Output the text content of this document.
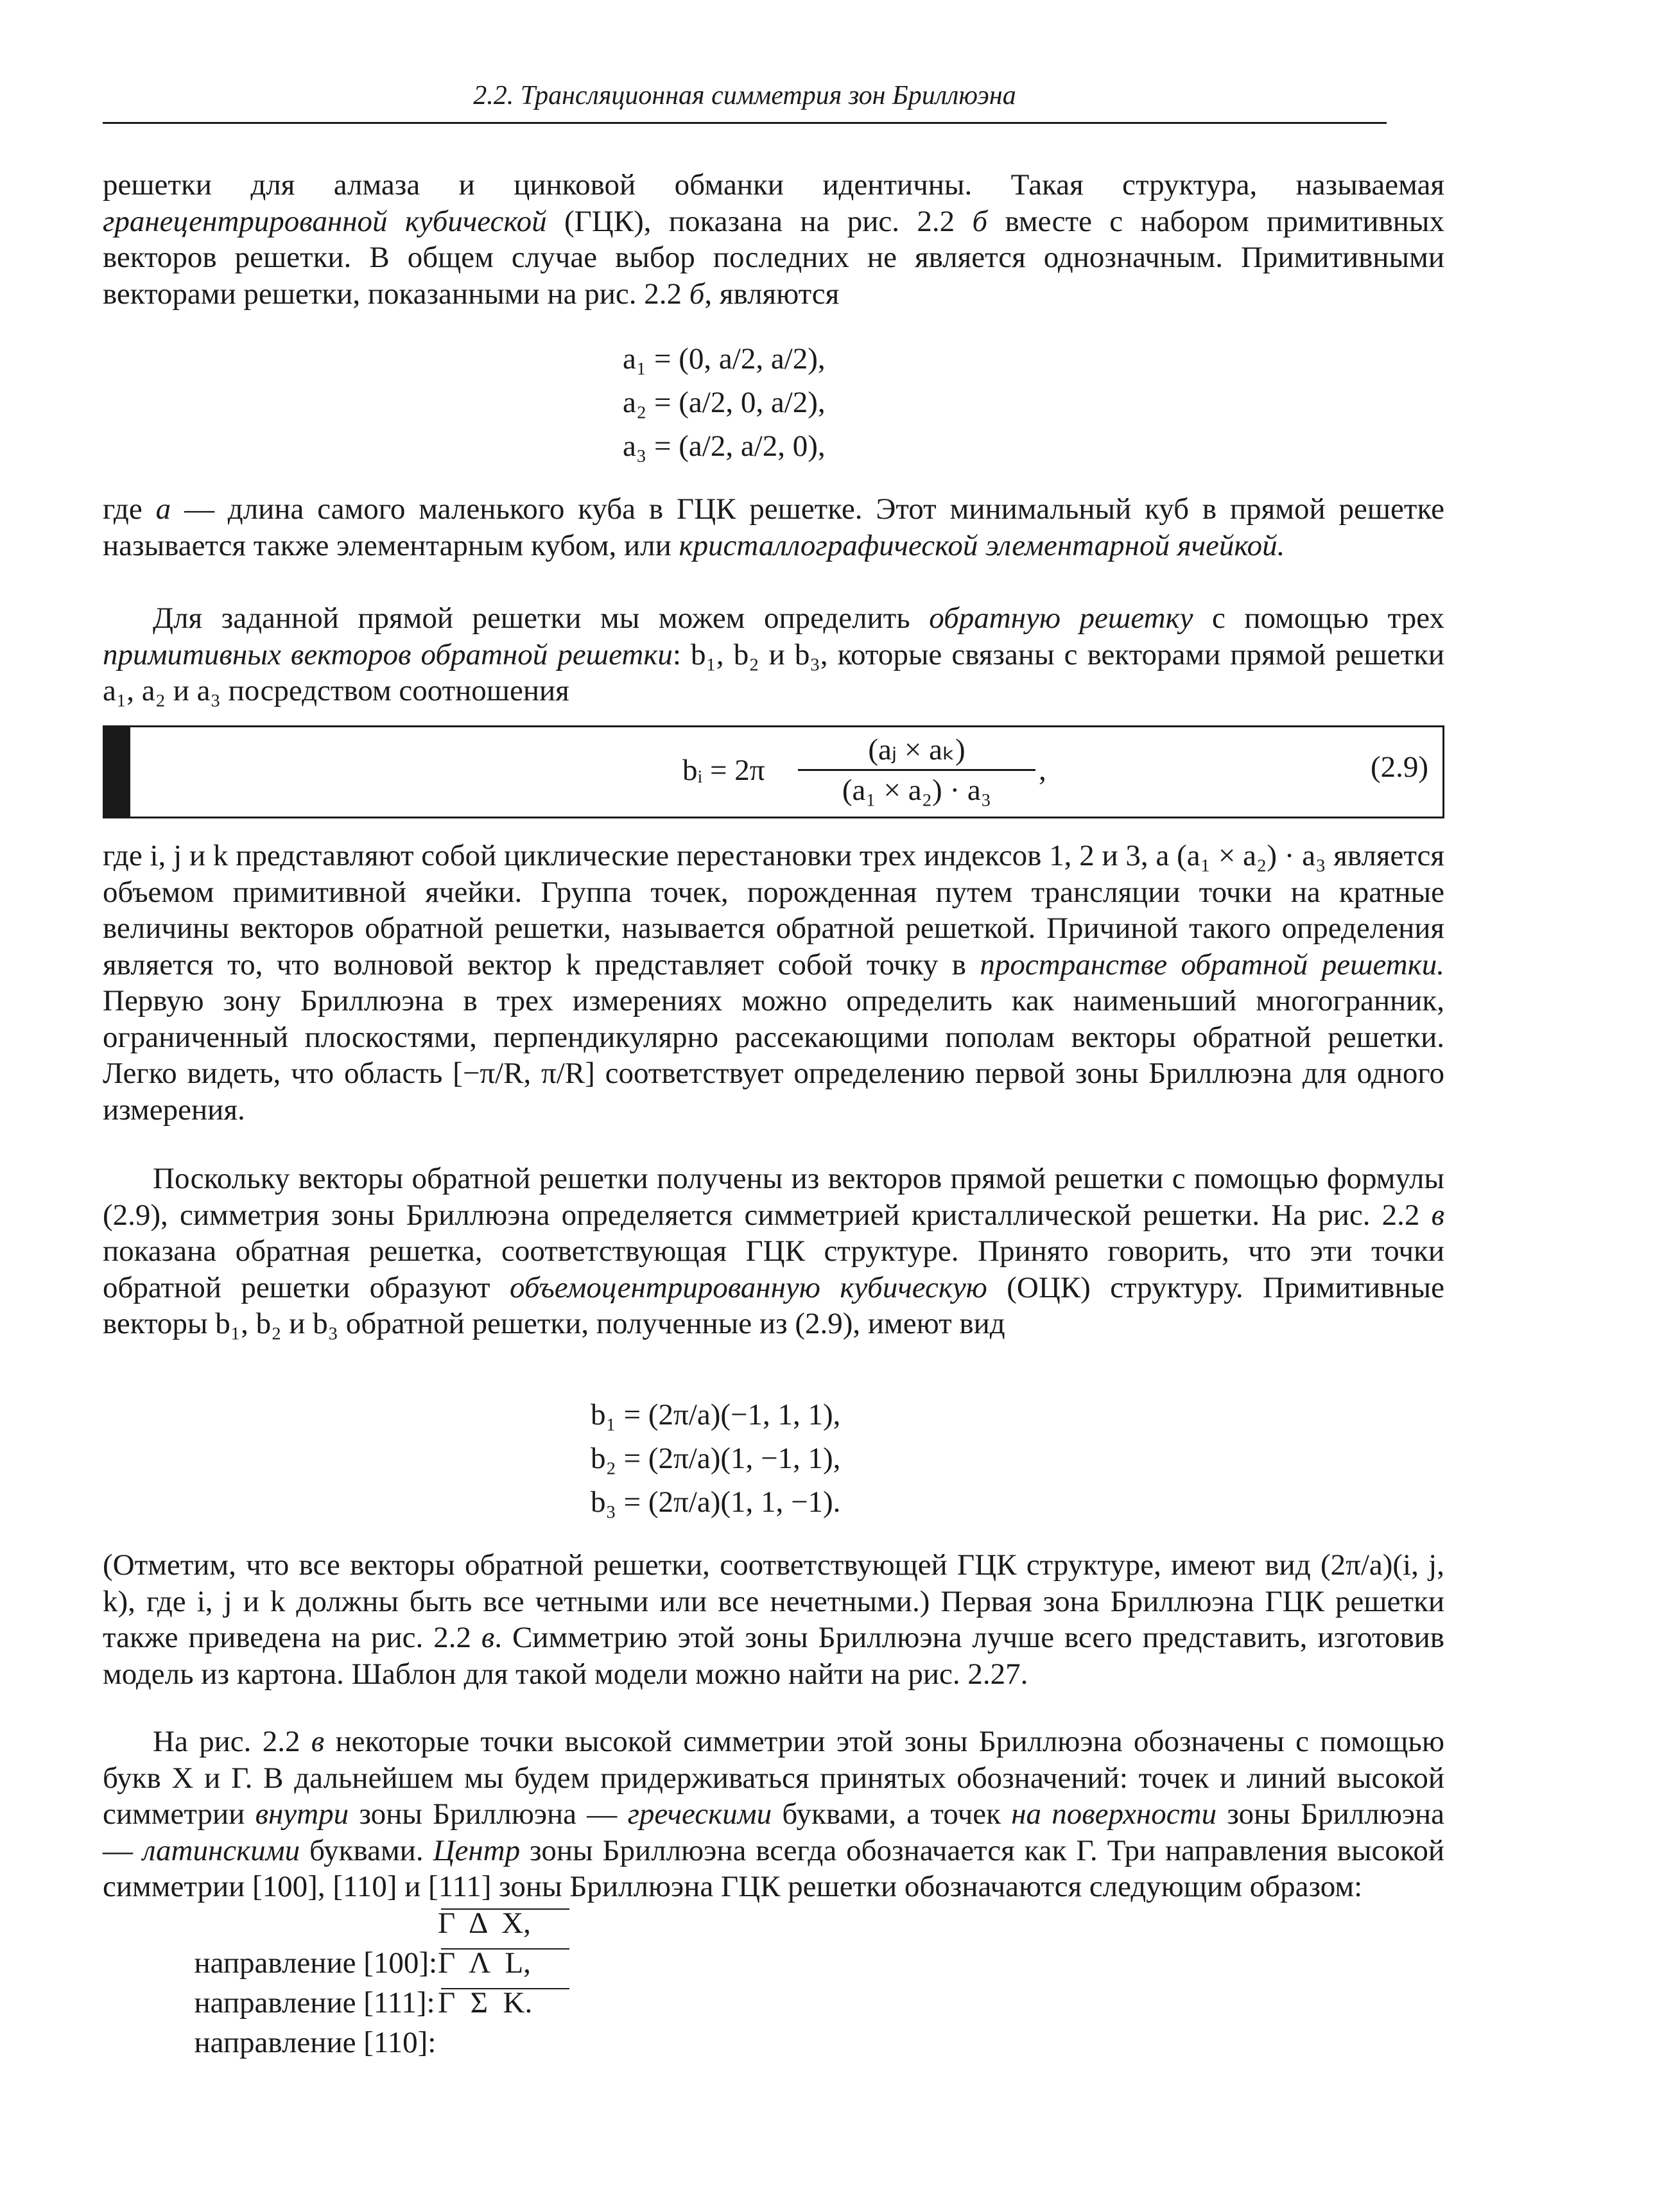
2.2. Трансляционная симметрия зон Бриллюэна

решетки для алмаза и цинковой обманки идентичны. Такая структура, называемая гранецентрированной кубической (ГЦК), показана на рис. 2.2 б вместе с набором примитивных векторов решетки. В общем случае выбор последних не является однозначным. Примитивными векторами решетки, показанными на рис. 2.2 б, являются

a₁ = (0, a/2, a/2),
a₂ = (a/2, 0, a/2),
a₃ = (a/2, a/2, 0),

где a — длина самого маленького куба в ГЦК решетке. Этот минимальный куб в прямой решетке называется также элементарным кубом, или кристаллографической элементарной ячейкой.

Для заданной прямой решетки мы можем определить обратную решетку с помощью трех примитивных векторов обратной решетки: b₁, b₂ и b₃, которые связаны с векторами прямой решетки a₁, a₂ и a₃ посредством соотношения

bᵢ = 2π
(aⱼ × aₖ)
(a₁ × a₂) · a₃
,	(2.9)

где i, j и k представляют собой циклические перестановки трех индексов 1, 2 и 3, а (a₁ × a₂) · a₃ является объемом примитивной ячейки. Группа точек, порожденная путем трансляции точки на кратные величины векторов обратной решетки, называется обратной решеткой. Причиной такого определения является то, что волновой вектор k представляет собой точку в пространстве обратной решетки. Первую зону Бриллюэна в трех измерениях можно определить как наименьший многогранник, ограниченный плоскостями, перпендикулярно рассекающими пополам векторы обратной решетки. Легко видеть, что область [−π/R, π/R] соответствует определению первой зоны Бриллюэна для одного измерения.

Поскольку векторы обратной решетки получены из векторов прямой решетки с помощью формулы (2.9), симметрия зоны Бриллюэна определяется симметрией кристаллической решетки. На рис. 2.2 в показана обратная решетка, соответствующая ГЦК структуре. Принято говорить, что эти точки обратной решетки образуют объемоцентрированную кубическую (ОЦК) структуру. Примитивные векторы b₁, b₂ и b₃ обратной решетки, полученные из (2.9), имеют вид

b₁ = (2π/a)(−1, 1, 1),
b₂ = (2π/a)(1, −1, 1),
b₃ = (2π/a)(1, 1, −1).

(Отметим, что все векторы обратной решетки, соответствующей ГЦК структуре, имеют вид (2π/a)(i, j, k), где i, j и k должны быть все четными или все нечетными.) Первая зона Бриллюэна ГЦК решетки также приведена на рис. 2.2 в. Симметрию этой зоны Бриллюэна лучше всего представить, изготовив модель из картона. Шаблон для такой модели можно найти на рис. 2.27.

На рис. 2.2 в некоторые точки высокой симметрии этой зоны Бриллюэна обозначены с помощью букв X и Γ. В дальнейшем мы будем придерживаться принятых обозначений: точек и линий высокой симметрии внутри зоны Бриллюэна — греческими буквами, а точек на поверхности зоны Бриллюэна — латинскими буквами. Центр зоны Бриллюэна всегда обозначается как Γ. Три направления высокой симметрии [100], [110] и [111] зоны Бриллюэна ГЦК решетки обозначаются следующим образом:

направление [100]:

Γ  Δ  X,

направление [111]:

Γ  Λ  L,

направление [110]:

Γ  Σ  K.
